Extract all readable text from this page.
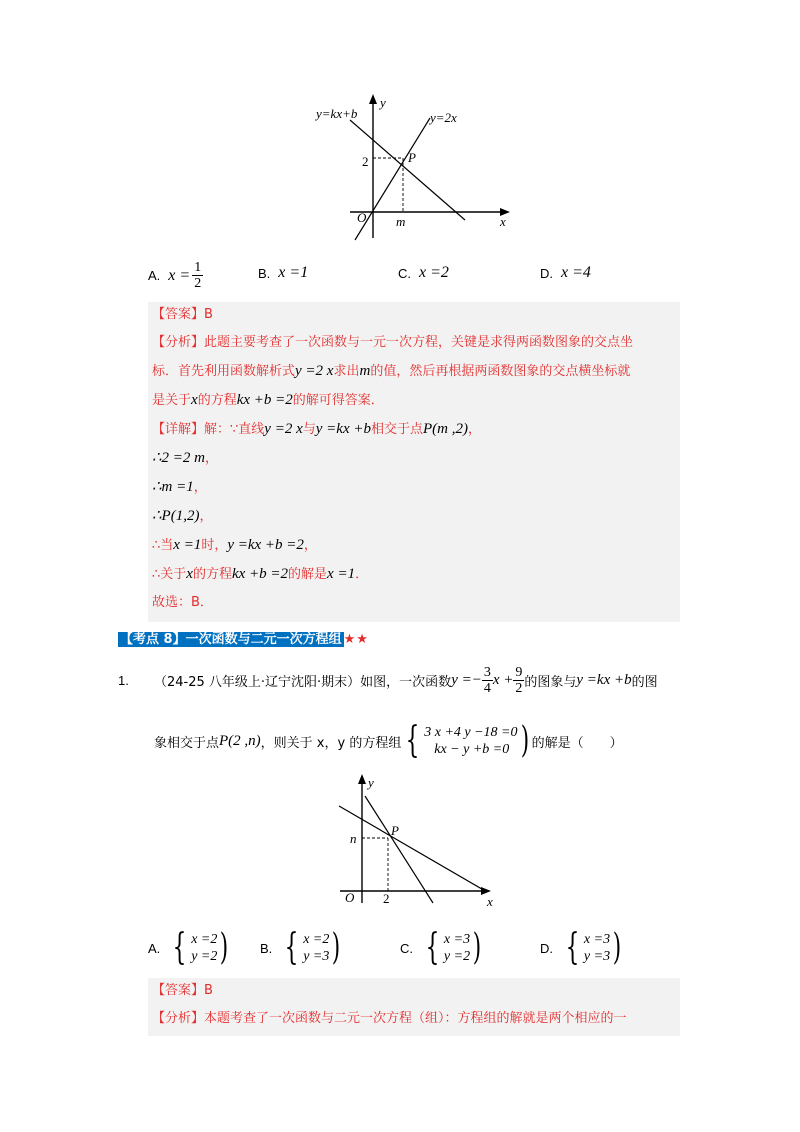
y=kx+b	y=2x
y
x
O
P
2
m
A. $x = \frac{1}{2}$	B. x =1	C. x =2	D. x =4
【答案】B
【分析】此题主要考查了一次函数与一元一次方程，关键是求得两函数图象的交点坐
标．首先利用函数解析式y =2 x求出m的值，然后再根据两函数图象的交点横坐标就
是关于x的方程kx +b =2的解可得答案．
【详解】解：∵直线y =2 x与y =kx +b相交于点P(m ,2)，
∴2 =2 m，
∴m =1，
∴P(1,2)，
∴当x =1时，y =kx +b =2，
∴关于x的方程kx +b =2的解是x =1．
故选：B．
【考点 8】一次函数与二元一次方程组 ★★
1.	（24-25 八年级上·辽宁沈阳·期末）如图，一次函数 $y =- \frac{3}{4}$ $x + \frac{9}{2}$ 的图象与 y =kx +b 的图
象相交于点 P(2 ,n) ，则关于 x，y 的方程组 { 3 x +4 y −18 =0
kx − y +b =0 ) 的解是（　　）
y
x
O
P
n
2
A. { x =2
y =2 ) B. { x =2
y =3 )	C. { x =3
y =2 )	D. { x =3
y =3 )
【答案】B
【分析】本题考查了一次函数与二元一次方程（组）：方程组的解就是两个相应的一
